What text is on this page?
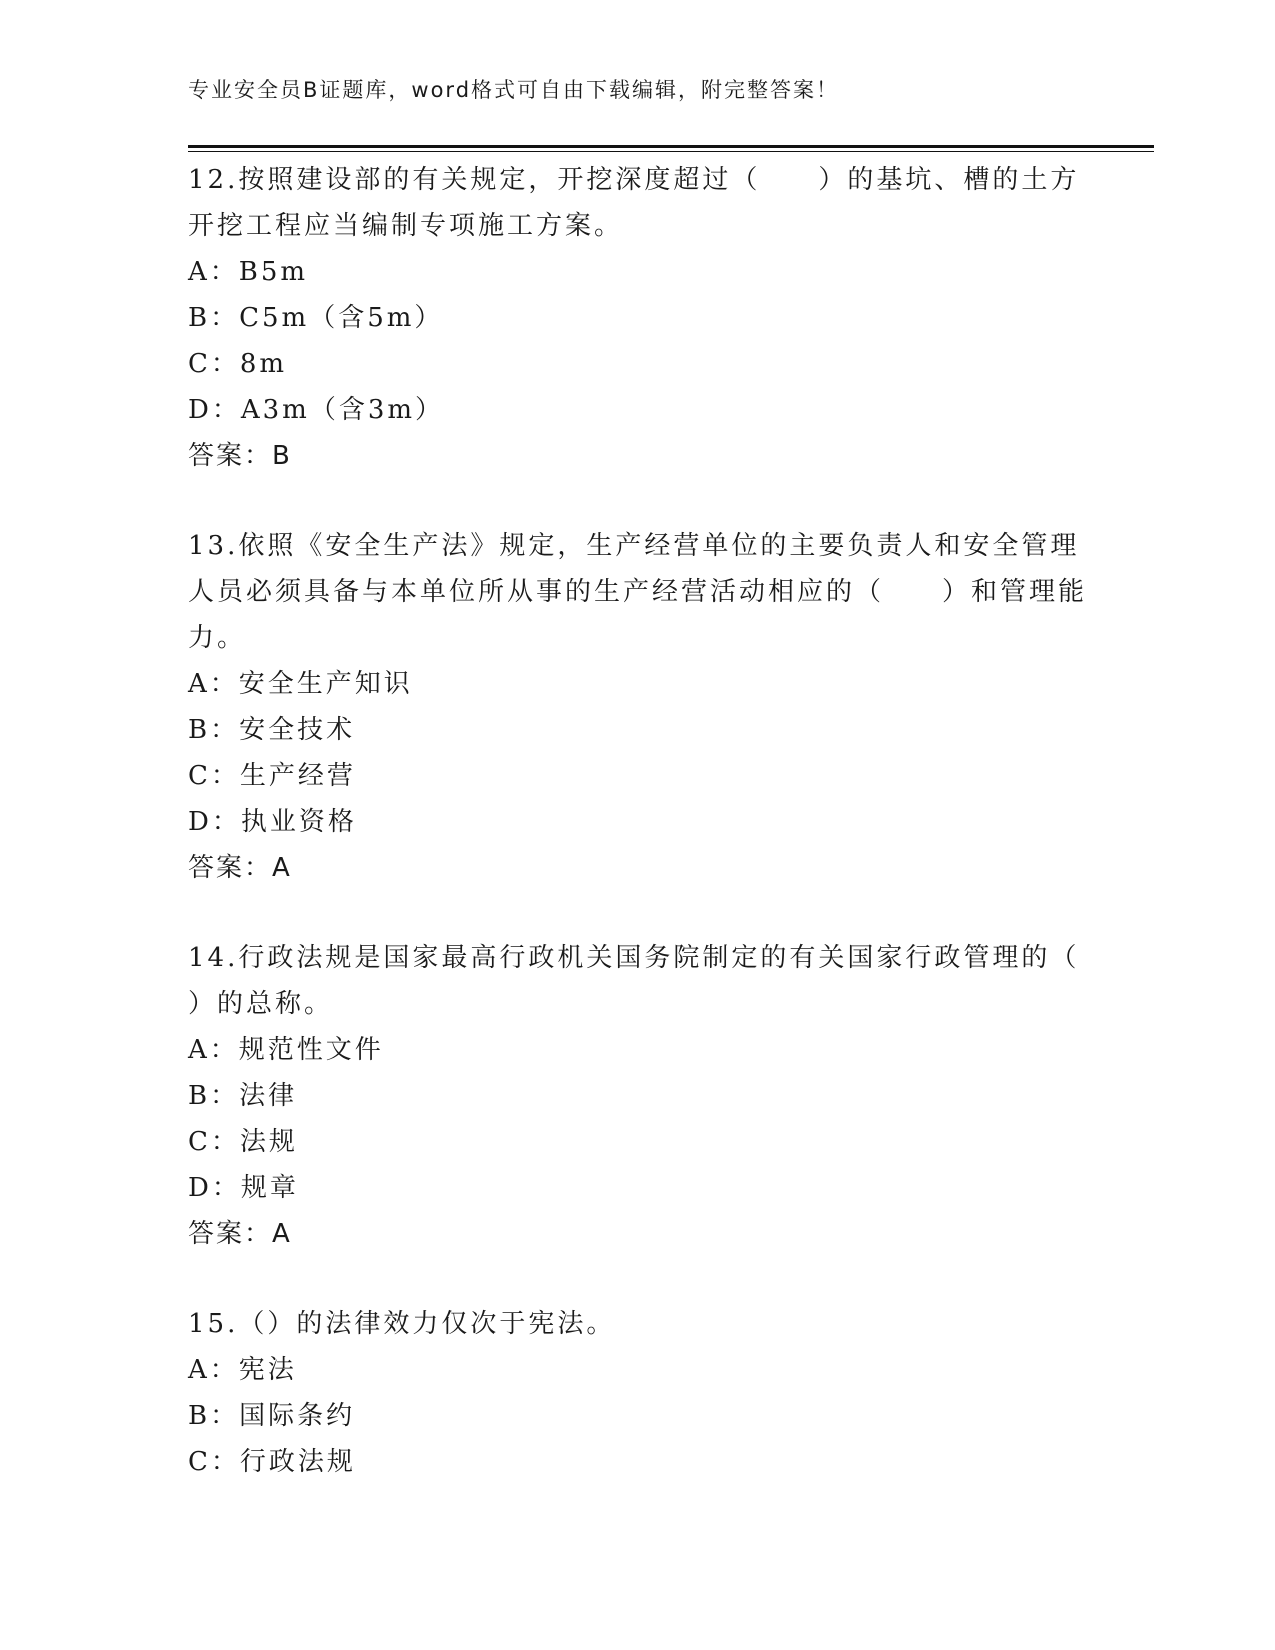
专业安全员B证题库，word格式可自由下载编辑，附完整答案！
12.按照建设部的有关规定，开挖深度超过（　　）的基坑、槽的土方
开挖工程应当编制专项施工方案。
A：B5m
B：C5m（含5m）
C：8m
D：A3m（含3m）
答案：B
13.依照《安全生产法》规定，生产经营单位的主要负责人和安全管理
人员必须具备与本单位所从事的生产经营活动相应的（　　）和管理能
力。
A：安全生产知识
B：安全技术
C：生产经营
D：执业资格
答案：A
14.行政法规是国家最高行政机关国务院制定的有关国家行政管理的（
）的总称。
A：规范性文件
B：法律
C：法规
D：规章
答案：A
15.（）的法律效力仅次于宪法。
A：宪法
B：国际条约
C：行政法规
